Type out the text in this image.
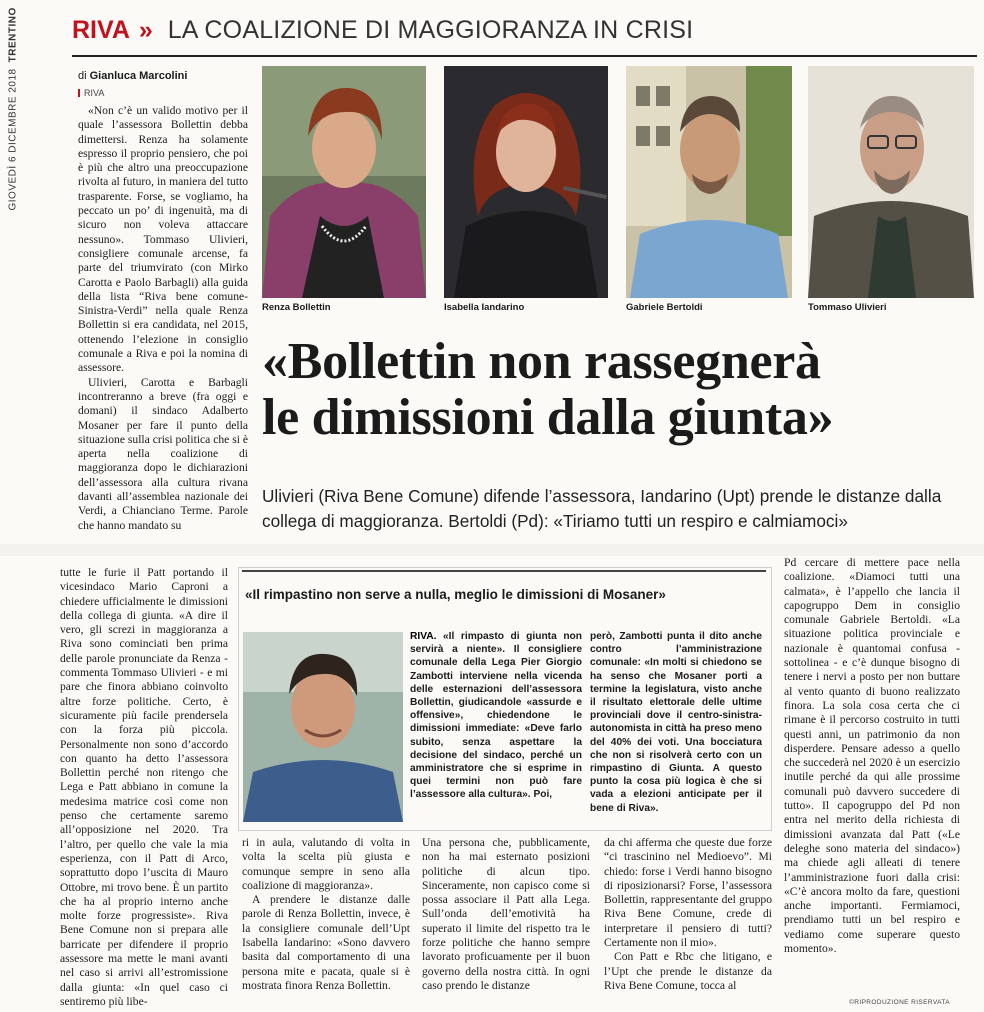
GIOVEDÌ 6 DICEMBRE 2018TRENTINO RIVA » LA COALIZIONE DI MAGGIORANZA IN CRISI
di Gianluca Marcolini
RIVA

«Non c’è un valido motivo per il quale l’assessora Bollettin debba dimettersi. Renza ha solamente espresso il proprio pensiero, che poi è più che altro una preoccupazione rivolta al futuro, in maniera del tutto trasparente. Forse, se vogliamo, ha peccato un po’ di ingenuità, ma di sicuro non voleva attaccare nessuno». Tommaso Ulivieri, consigliere comunale arcense, fa parte del triumvirato (con Mirko Carotta e Paolo Barbagli) alla guida della lista “Riva bene comune-Sinistra-Verdi” nella quale Renza Bollettin si era candidata, nel 2015, ottenendo l’elezione in consiglio comunale a Riva e poi la nomina di assessore.

Ulivieri, Carotta e Barbagli incontreranno a breve (fra oggi e domani) il sindaco Adalberto Mosaner per fare il punto della situazione sulla crisi politica che si è aperta nella coalizione di maggioranza dopo le dichiarazioni dell’assessora alla cultura rivana davanti all’assemblea nazionale dei Verdi, a Chianciano Terme. Parole che hanno mandato su

Renza Bollettin	Isabella Iandarino	Gabriele Bertoldi	Tommaso Ulivieri
«Bollettin non rassegnerà
le dimissioni dalla giunta»
Ulivieri (Riva Bene Comune) difende l’assessora, Iandarino (Upt) prende le distanze dalla collega di maggioranza. Bertoldi (Pd): «Tiriamo tutti un respiro e calmiamoci»

tutte le furie il Patt portando il vicesindaco Mario Caproni a chiedere ufficialmente le dimissioni della collega di giunta. «A dire il vero, gli screzi in maggioranza a Riva sono cominciati ben prima delle parole pronunciate da Renza - commenta Tommaso Ulivieri - e mi pare che finora abbiano coinvolto altre forze politiche. Certo, è sicuramente più facile prendersela con la forza più piccola. Personalmente non sono d’accordo con quanto ha detto l’assessora Bollettin perché non ritengo che Lega e Patt abbiano in comune la medesima matrice così come non penso che certamente saremo all’opposizione nel 2020. Tra l’altro, per quello che vale la mia esperienza, con il Patt di Arco, soprattutto dopo l’uscita di Mauro Ottobre, mi trovo bene. È un partito che ha al proprio interno anche molte forze progressiste». Riva Bene Comune non si prepara alle barricate per difendere il proprio assessore ma mette le mani avanti nel caso si arrivi all’estromissione dalla giunta: «In quel caso ci sentiremo più libe-

«Il rimpastino non serve a nulla, meglio le dimissioni di Mosaner»

RIVA. «Il rimpasto di giunta non servirà a niente». Il consigliere comunale della Lega Pier Giorgio Zambotti interviene nella vicenda delle esternazioni dell’assessora Bollettin, giudicandole «assurde e offensive», chiedendone le dimissioni immediate: «Deve farlo subito, senza aspettare la decisione del sindaco, perché un amministratore che si esprime in quei termini non può fare l’assessore alla cultura». Poi,

però, Zambotti punta il dito anche contro l’amministrazione comunale: «In molti si chiedono se ha senso che Mosaner porti a termine la legislatura, visto anche il risultato elettorale delle ultime provinciali dove il centro-sinistra-autonomista in città ha preso meno del 40% dei voti. Una bocciatura che non si risolverà certo con un rimpastino di Giunta. A questo punto la cosa più logica è che si vada a elezioni anticipate per il bene di Riva».

ri in aula, valutando di volta in volta la scelta più giusta e comunque sempre in seno alla coalizione di maggioranza».

A prendere le distanze dalle parole di Renza Bollettin, invece, è la consigliere comunale dell’Upt Isabella Iandarino: «Sono davvero basita dal comportamento di una persona mite e pacata, quale si è mostrata finora Renza Bollettin.

Una persona che, pubblicamente, non ha mai esternato posizioni politiche di alcun tipo. Sinceramente, non capisco come si possa associare il Patt alla Lega. Sull’onda dell’emotività ha superato il limite del rispetto tra le forze politiche che hanno sempre lavorato proficuamente per il buon governo della nostra città. In ogni caso prendo le distanze

da chi afferma che queste due forze “ci trascinino nel Medioevo”. Mi chiedo: forse i Verdi hanno bisogno di riposizionarsi? Forse, l’assessora Bollettin, rappresentante del gruppo Riva Bene Comune, crede di interpretare il pensiero di tutti? Certamente non il mio».

Con Patt e Rbc che litigano, e l’Upt che prende le distanze da Riva Bene Comune, tocca al

Pd cercare di mettere pace nella coalizione. «Diamoci tutti una calmata», è l’appello che lancia il capogruppo Dem in consiglio comunale Gabriele Bertoldi. «La situazione politica provinciale e nazionale è quantomai confusa - sottolinea - e c’è dunque bisogno di tenere i nervi a posto per non buttare al vento quanto di buono realizzato finora. La sola cosa certa che ci rimane è il percorso costruito in tutti questi anni, un patrimonio da non disperdere. Pensare adesso a quello che succederà nel 2020 è un esercizio inutile perché da qui alle prossime comunali può davvero succedere di tutto». Il capogruppo del Pd non entra nel merito della richiesta di dimissioni avanzata dal Patt («Le deleghe sono materia del sindaco») ma chiede agli alleati di tenere l’amministrazione fuori dalla crisi: «C’è ancora molto da fare, questioni anche importanti. Fermiamoci, prendiamo tutti un bel respiro e vediamo come superare questo momento».

©RIPRODUZIONE RISERVATA
